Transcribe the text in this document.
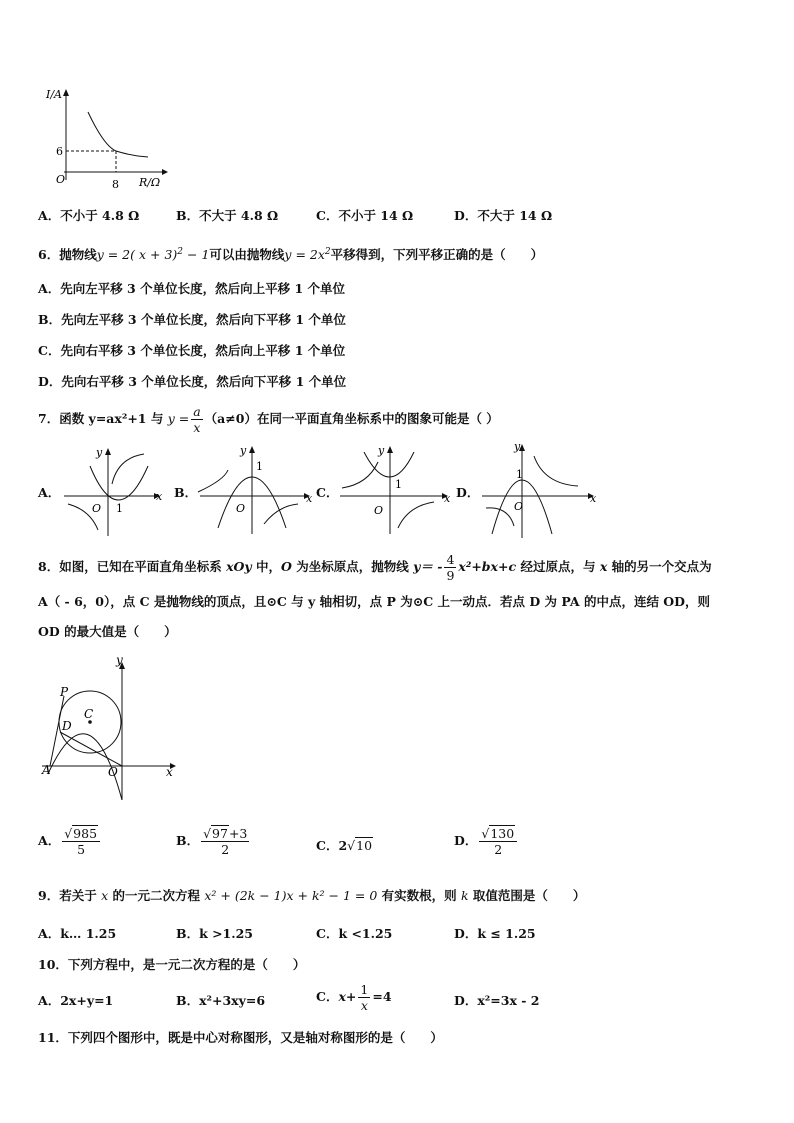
I/A
R/Ω
O
6
8
A．不小于 4.8 Ω	B．不大于 4.8 Ω	C．不小于 14 Ω	D．不大于 14 Ω
6．抛物线y = 2( x + 3)$^2$ − 1可以由抛物线$y = 2x^2$平移得到，下列平移正确的是（　　）
A．先向左平移 3 个单位长度，然后向上平移 1 个单位
B．先向左平移 3 个单位长度，然后向下平移 1 个单位
C．先向右平移 3 个单位长度，然后向上平移 1 个单位
D．先向右平移 3 个单位长度，然后向下平移 1 个单位
7．函数 y=ax²+1 与 $y = \frac{a}{x} (a\ne 0)$在同一平面直角坐标系中的图象可能是（ ）
A．	B．	C．	D．
y
x
O 1
y
x
O
1
y
x
O
1
y
x
O
1
8．如图，已知在平面直角坐标系 xOy 中，O 为坐标原点，抛物线 $y= - \frac{4}{9} x^2+bx+c$ 经过原点，与 x 轴的另一个交点为
A（ - 6，0），点 C 是抛物线的顶点，且⊙C 与 y 轴相切，点 P 为⊙C 上一动点．若点 D 为 PA 的中点，连结 OD，则
OD 的最大值是（　　）
y
x
P
C
D
A	O
A． $\frac{√985}{5}$	B． $\frac{√97+3}{2}$	C．2√10	D． $\frac{√130}{2}$
9．若关于 x 的一元二次方程 x² + (2k − 1)x + k² − 1 = 0 有实数根，则 k 取值范围是（　　）
A．k… 1.25	B．k >1.25	C．k <1.25	D．k ≤ 1.25
10．下列方程中，是一元二次方程的是（　　）
A．2x+y=1	B．x²+3xy=6	C．$x+ \frac{1}{x} =4$	D．x²=3x - 2
11．下列四个图形中，既是中心对称图形，又是轴对称图形的是（　　）
